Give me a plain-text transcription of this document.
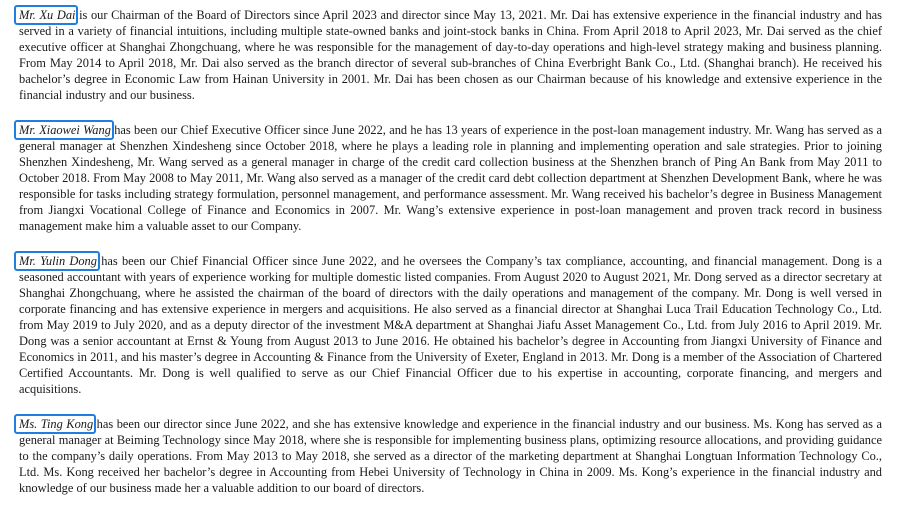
Mr. Xu Dai is our Chairman of the Board of Directors since April 2023 and director since May 13, 2021. Mr. Dai has extensive experience in the financial industry and has served in a variety of financial intuitions, including multiple state-owned banks and joint-stock banks in China. From April 2018 to April 2023, Mr. Dai served as the chief executive officer at Shanghai Zhongchuang, where he was responsible for the management of day-to-day operations and high-level strategy making and business planning. From May 2014 to April 2018, Mr. Dai also served as the branch director of several sub-branches of China Everbright Bank Co., Ltd. (Shanghai branch). He received his bachelor’s degree in Economic Law from Hainan University in 2001. Mr. Dai has been chosen as our Chairman because of his knowledge and extensive experience in the financial industry and our business.

Mr. Xiaowei Wang has been our Chief Executive Officer since June 2022, and he has 13 years of experience in the post-loan management industry. Mr. Wang has served as a general manager at Shenzhen Xindesheng since October 2018, where he plays a leading role in planning and implementing operation and sale strategies. Prior to joining Shenzhen Xindesheng, Mr. Wang served as a general manager in charge of the credit card collection business at the Shenzhen branch of Ping An Bank from May 2011 to October 2018. From May 2008 to May 2011, Mr. Wang also served as a manager of the credit card debt collection department at Shenzhen Development Bank, where he was responsible for tasks including strategy formulation, personnel management, and performance assessment. Mr. Wang received his bachelor’s degree in Business Management from Jiangxi Vocational College of Finance and Economics in 2007. Mr. Wang’s extensive experience in post-loan management and proven track record in business management make him a valuable asset to our Company.

Mr. Yulin Dong has been our Chief Financial Officer since June 2022, and he oversees the Company’s tax compliance, accounting, and financial management. Dong is a seasoned accountant with years of experience working for multiple domestic listed companies. From August 2020 to August 2021, Mr. Dong served as a director secretary at Shanghai Zhongchuang, where he assisted the chairman of the board of directors with the daily operations and management of the company. Mr. Dong is well versed in corporate financing and has extensive experience in mergers and acquisitions. He also served as a financial director at Shanghai Luca Trail Education Technology Co., Ltd. from May 2019 to July 2020, and as a deputy director of the investment M&A department at Shanghai Jiafu Asset Management Co., Ltd. from July 2016 to April 2019. Mr. Dong was a senior accountant at Ernst & Young from August 2013 to June 2016. He obtained his bachelor’s degree in Accounting from Jiangxi University of Finance and Economics in 2011, and his master’s degree in Accounting & Finance from the University of Exeter, England in 2013. Mr. Dong is a member of the Association of Chartered Certified Accountants. Mr. Dong is well qualified to serve as our Chief Financial Officer due to his expertise in accounting, corporate financing, and mergers and acquisitions.

Ms. Ting Kong has been our director since June 2022, and she has extensive knowledge and experience in the financial industry and our business. Ms. Kong has served as a general manager at Beiming Technology since May 2018, where she is responsible for implementing business plans, optimizing resource allocations, and providing guidance to the company’s daily operations. From May 2013 to May 2018, she served as a director of the marketing department at Shanghai Longtuan Information Technology Co., Ltd. Ms. Kong received her bachelor’s degree in Accounting from Hebei University of Technology in China in 2009. Ms. Kong’s experience in the financial industry and knowledge of our business made her a valuable addition to our board of directors.
